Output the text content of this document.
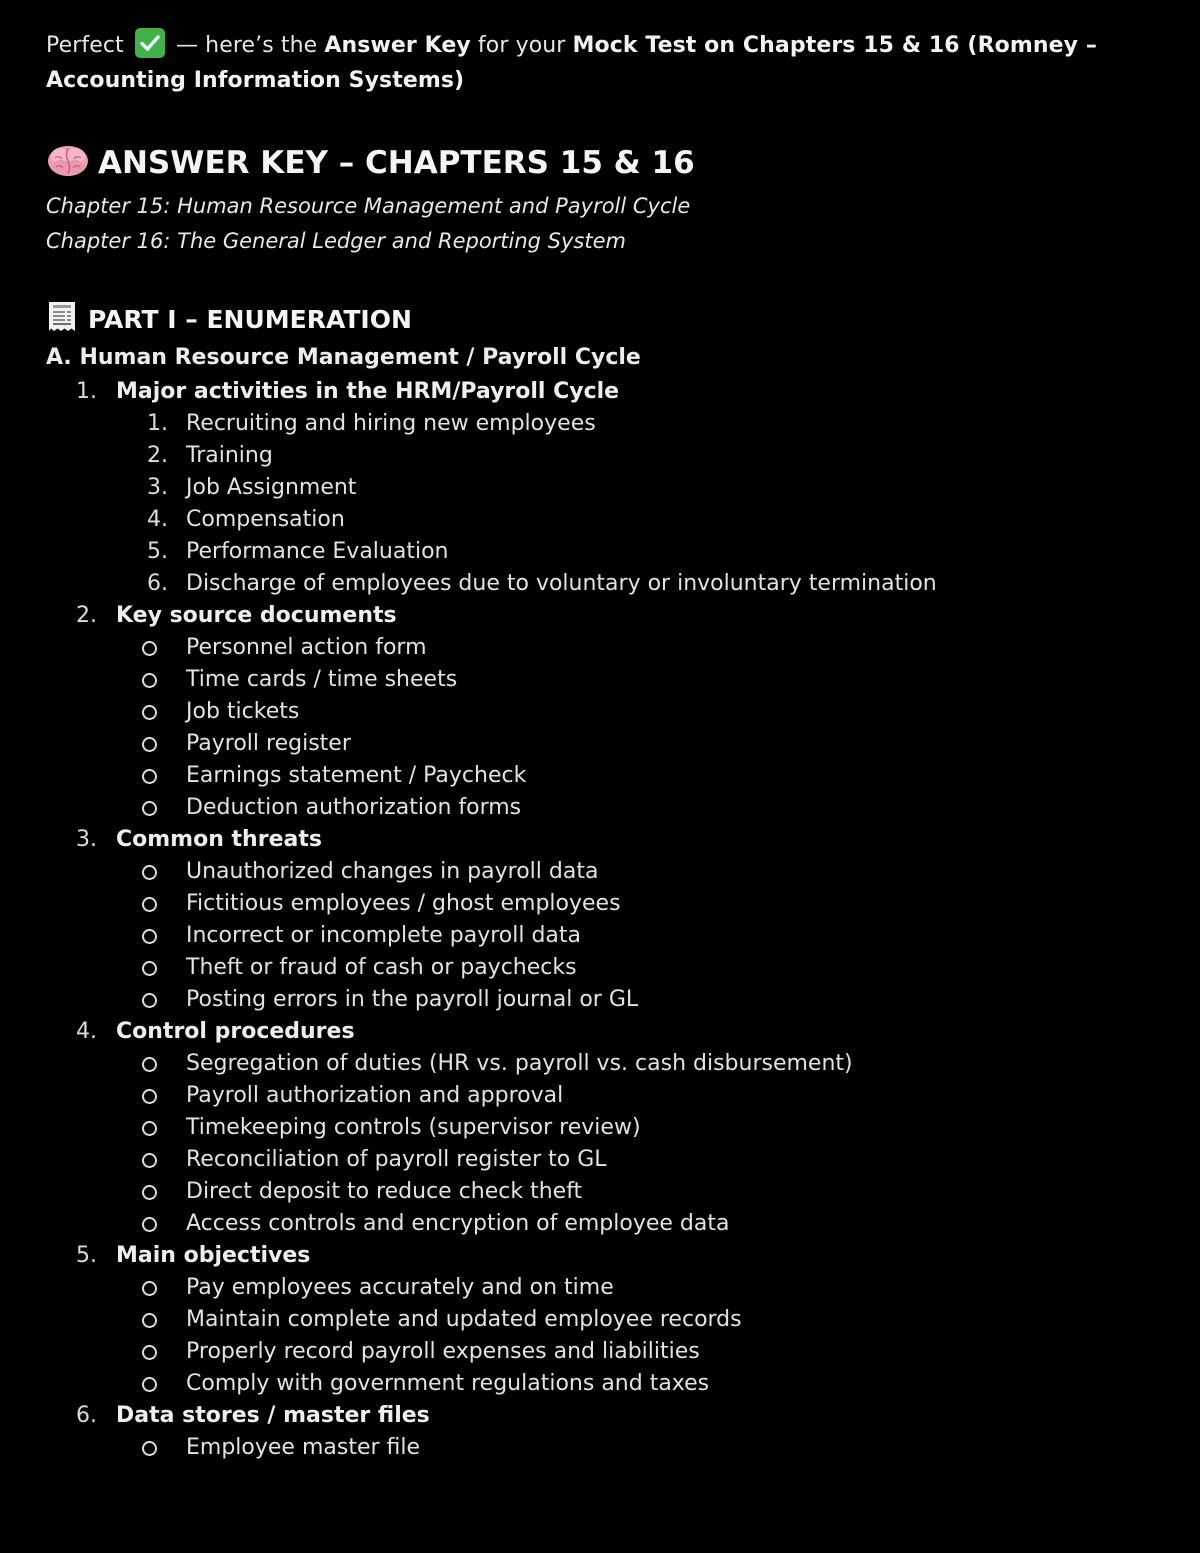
Perfect
— here’s the Answer Key for your Mock Test on Chapters 15 & 16 (Romney – Accounting Information Systems)
ANSWER KEY – CHAPTERS 15 & 16
Chapter 15: Human Resource Management and Payroll Cycle
Chapter 16: The General Ledger and Reporting System
PART I – ENUMERATION
A. Human Resource Management / Payroll Cycle
1. Major activities in the HRM/Payroll Cycle
1. Recruiting and hiring new employees
2. Training
3. Job Assignment
4. Compensation
5. Performance Evaluation
6. Discharge of employees due to voluntary or involuntary termination
2. Key source documents
Personnel action form
Time cards / time sheets
Job tickets
Payroll register
Earnings statement / Paycheck
Deduction authorization forms
3. Common threats
Unauthorized changes in payroll data
Fictitious employees / ghost employees
Incorrect or incomplete payroll data
Theft or fraud of cash or paychecks
Posting errors in the payroll journal or GL
4. Control procedures
Segregation of duties (HR vs. payroll vs. cash disbursement)
Payroll authorization and approval
Timekeeping controls (supervisor review)
Reconciliation of payroll register to GL
Direct deposit to reduce check theft
Access controls and encryption of employee data
5. Main objectives
Pay employees accurately and on time
Maintain complete and updated employee records
Properly record payroll expenses and liabilities
Comply with government regulations and taxes
6. Data stores / master files
Employee master file
